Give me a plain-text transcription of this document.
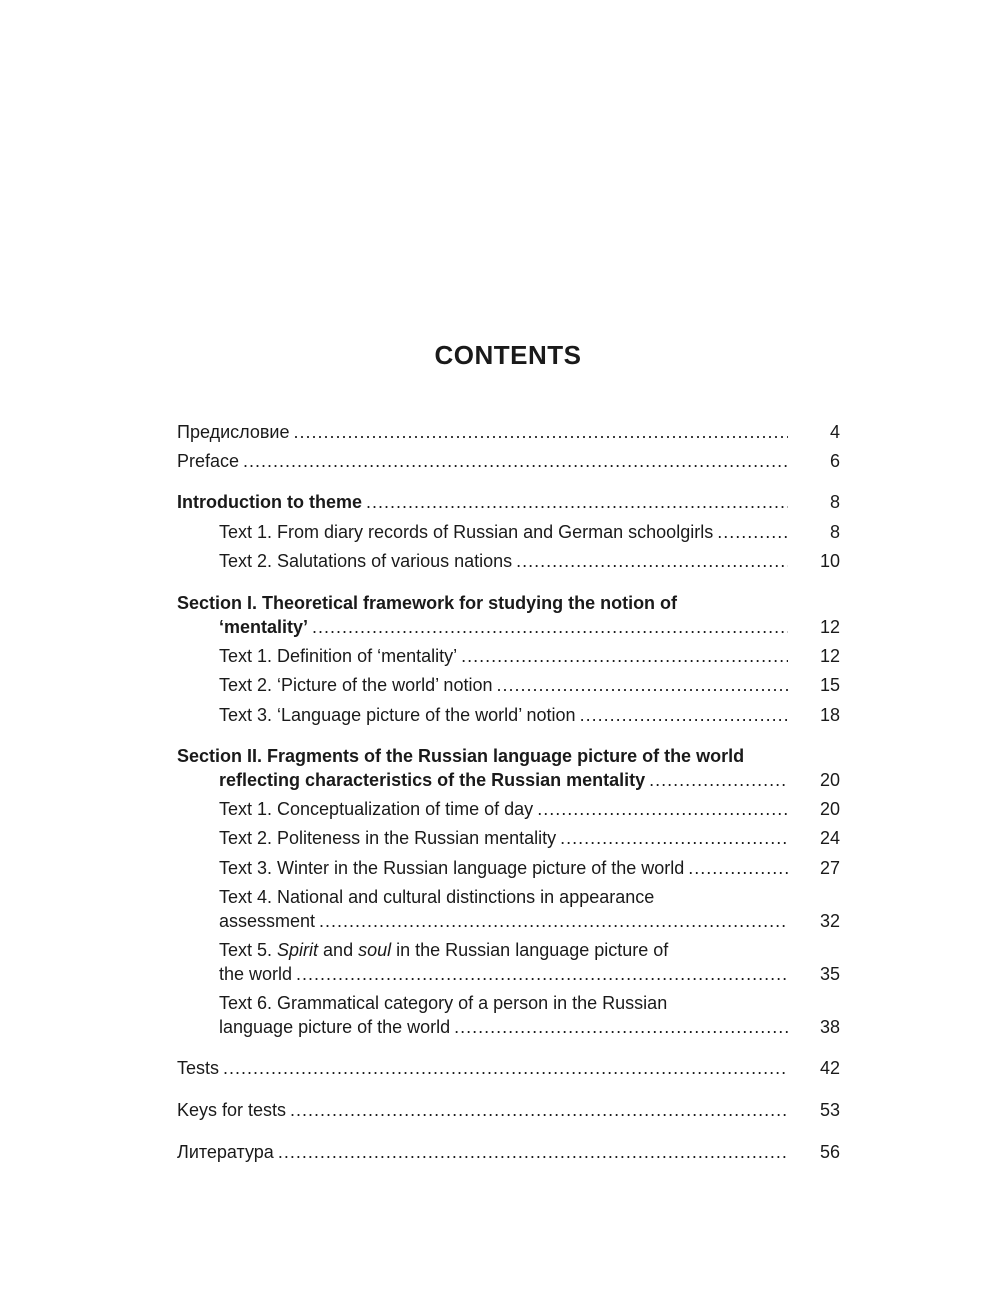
CONTENTS
Предисловие .....	4
Preface .....	6
Introduction to theme .....	8
Text 1. From diary records of Russian and German schoolgirls .....	8
Text 2. Salutations of various nations .....	10
Section I. Theoretical framework for studying the notion of
‘mentality’ .....	12
Text 1. Definition of ‘mentality’ .....	12
Text 2. ‘Picture of the world’ notion .....	15
Text 3. ‘Language picture of the world’ notion .....	18
Section II. Fragments of the Russian language picture of the world
reflecting characteristics of the Russian mentality .....	20
Text 1. Conceptualization of time of day .....	20
Text 2. Politeness in the Russian mentality .....	24
Text 3. Winter in the Russian language picture of the world .....	27
Text 4. National and cultural distinctions in appearance
assessment .....	32
Text 5. Spirit and soul in the Russian language picture of
the world .....	35
Text 6. Grammatical category of a person in the Russian
language picture of the world .....	38
Tests .....	42
Keys for tests .....	53
Литература .....	56
